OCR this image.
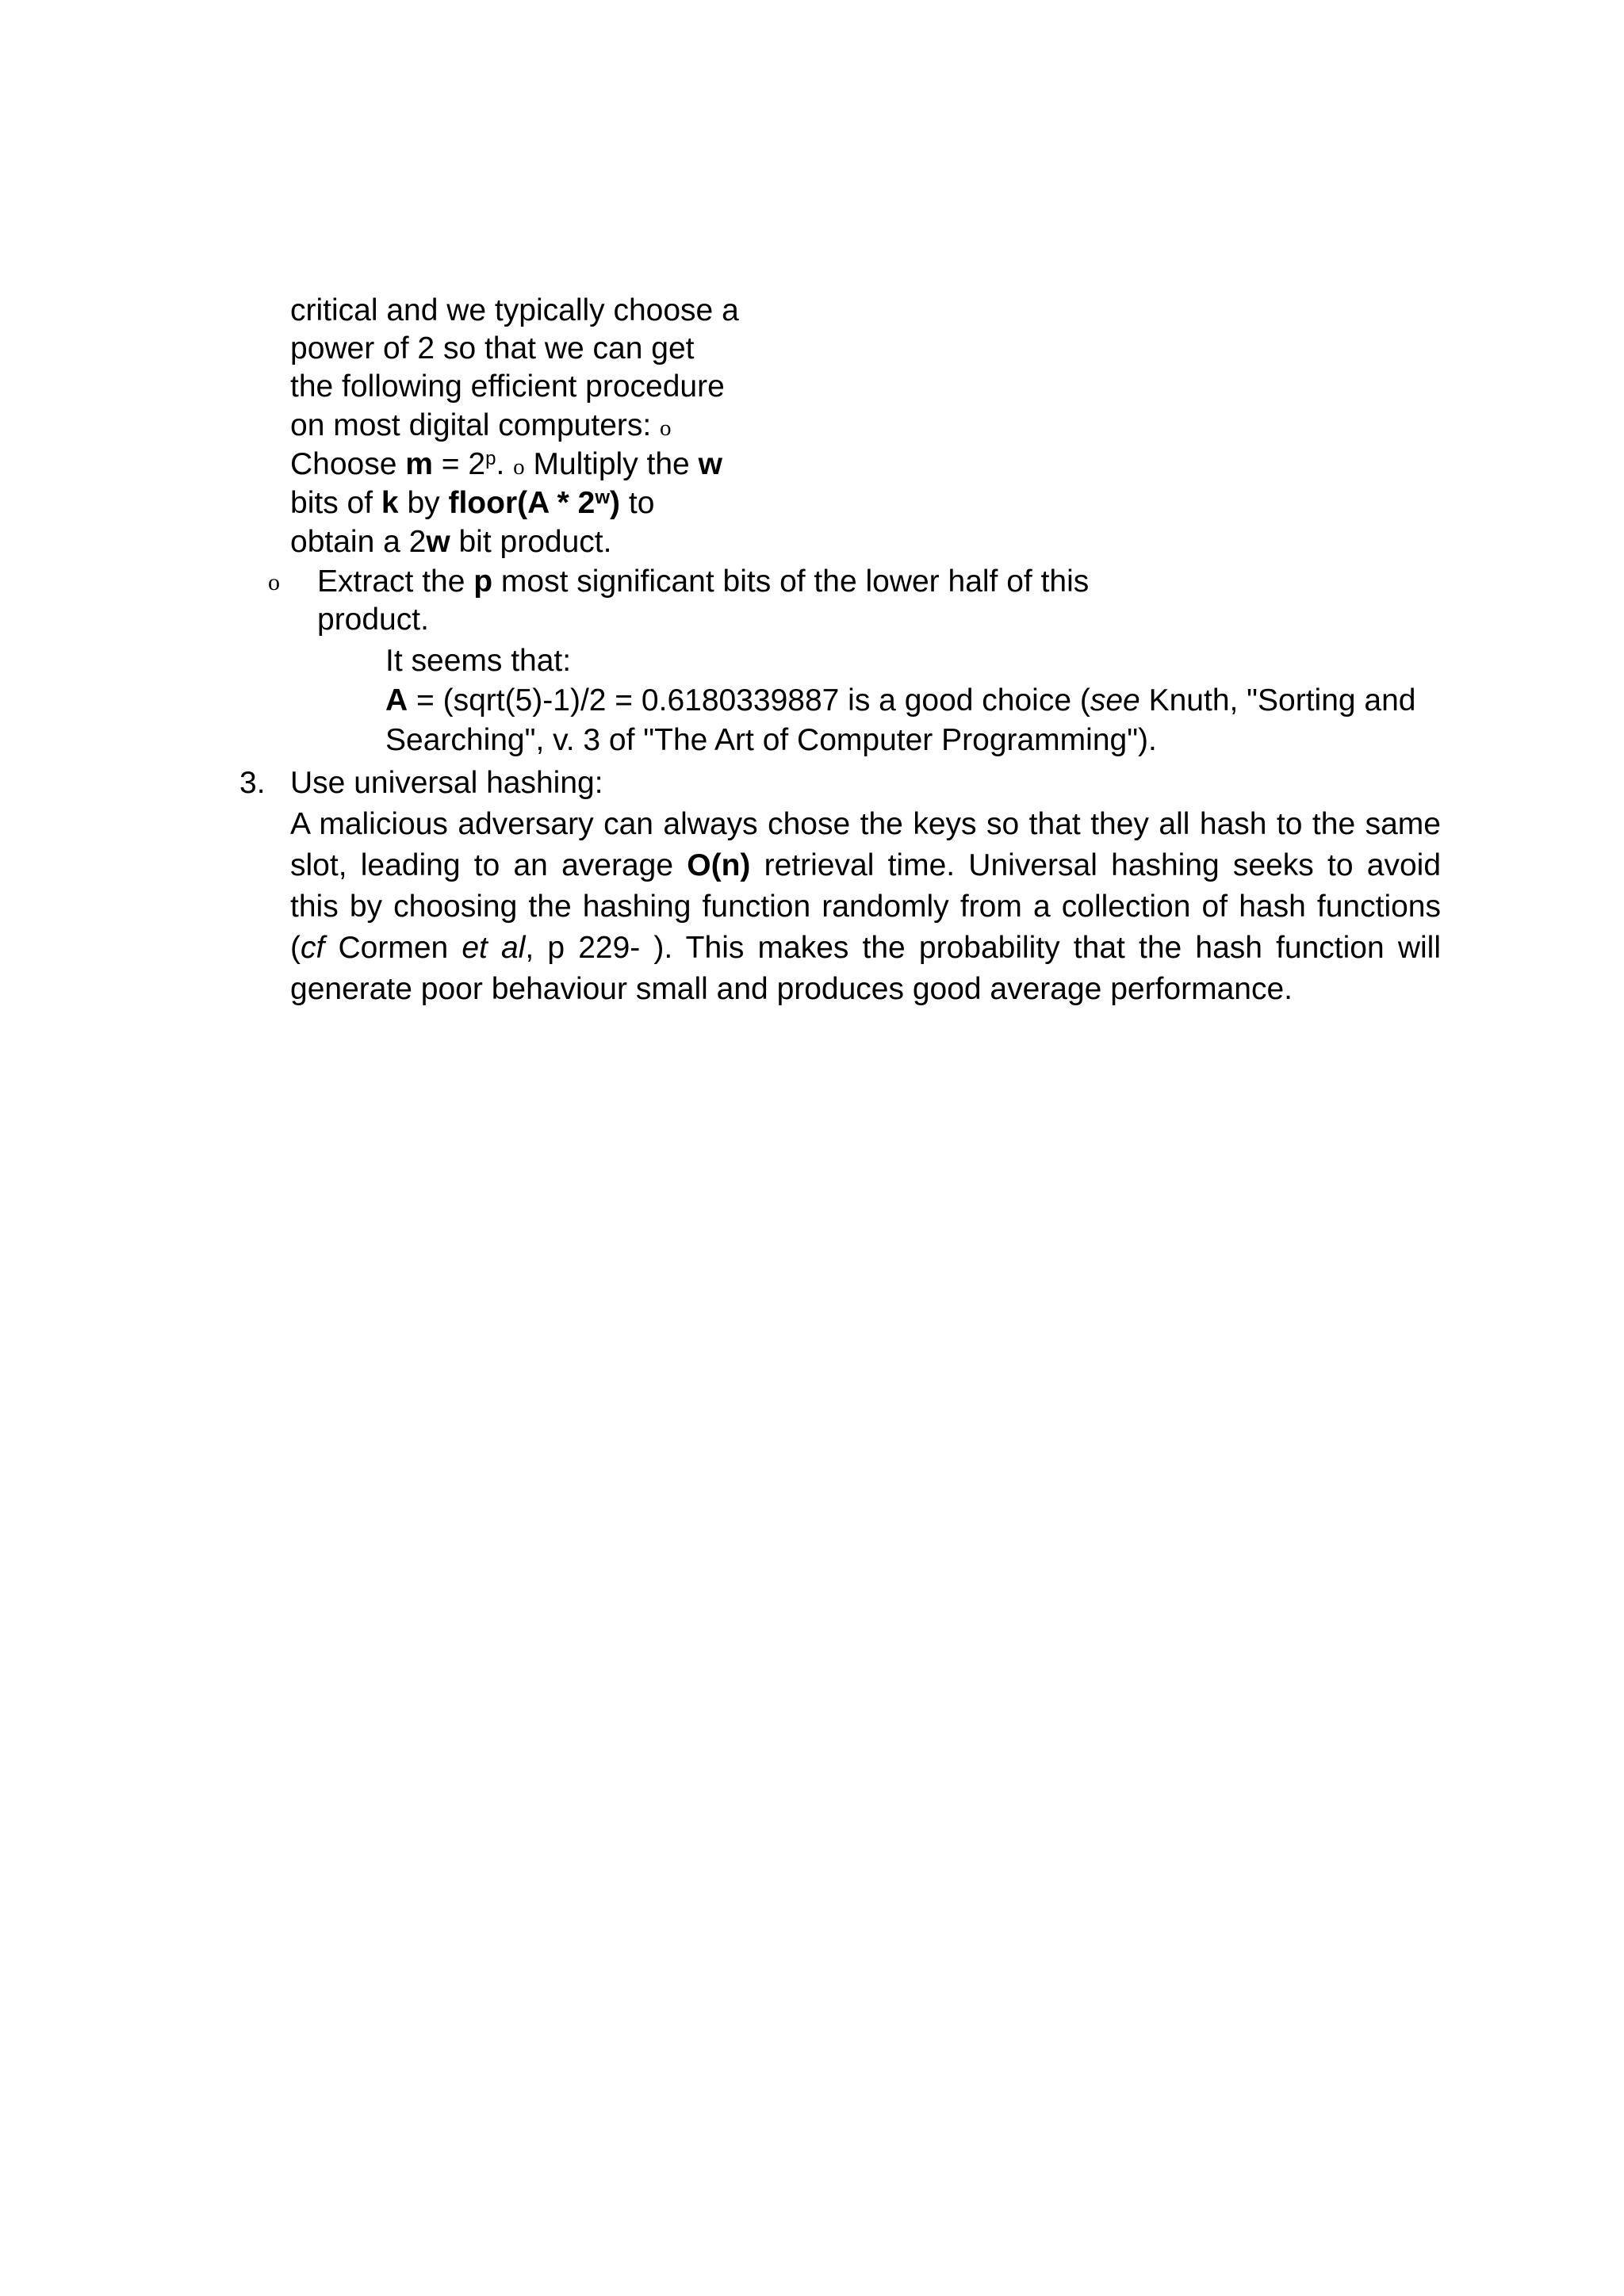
critical and we typically choose a
power of 2 so that we can get
the following efficient procedure
on most digital computers: o
Choose $m = 2^p$. o Multiply the w
bits of k by floor(A * 2$^w$) to
obtain a 2w bit product.
o Extract the p most significant bits of the lower half of this
product.
It seems that:
A = (sqrt(5)-1)/2 = 0.6180339887 is a good choice (see Knuth, "Sorting and
Searching", v. 3 of "The Art of Computer Programming").
3. Use universal hashing:
A malicious adversary can always chose the keys so that they all hash to the same
slot, leading to an average O(n) retrieval time. Universal hashing seeks to avoid
this by choosing the hashing function randomly from a collection of hash functions
(cf Cormen et al, p 229- ). This makes the probability that the hash function will
generate poor behaviour small and produces good average performance.
